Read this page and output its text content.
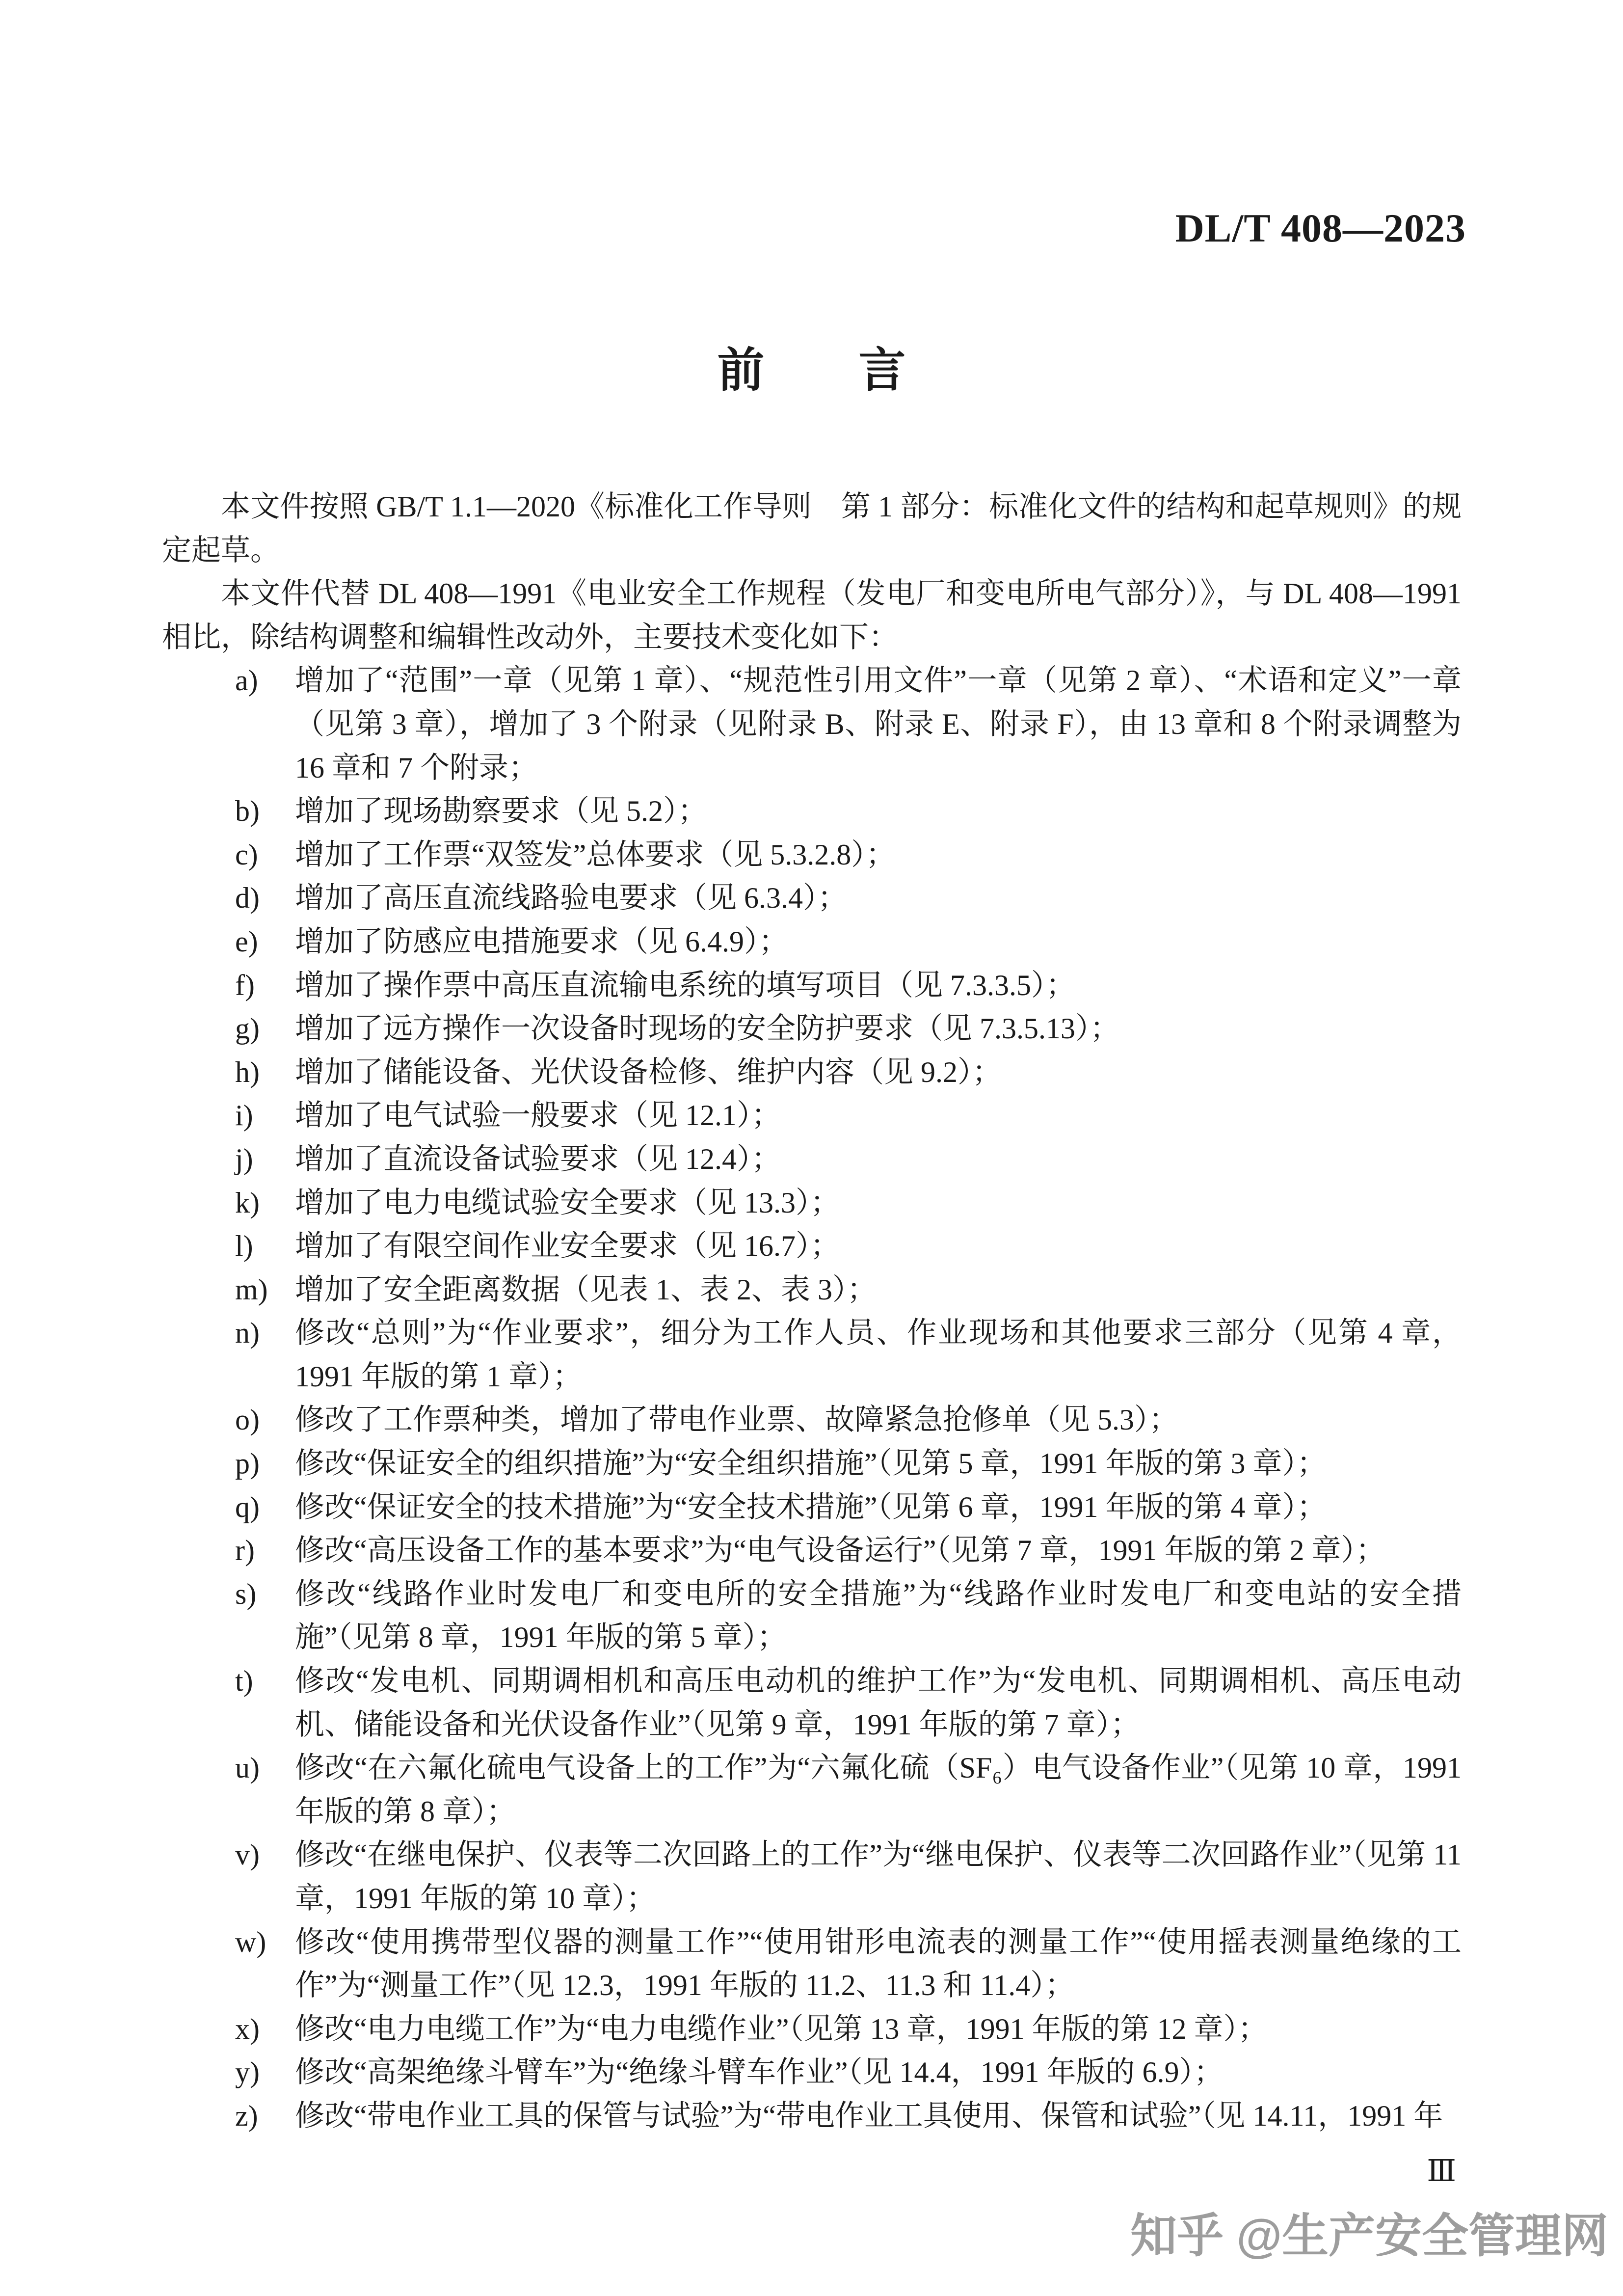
DL/T 408—2023
前　　言

本文件按照 GB/T 1.1—2020《标准化工作导则　第 1 部分：标准化文件的结构和起草规则》的规定起草。

本文件代替 DL 408—1991《电业安全工作规程（发电厂和变电所电气部分）》，与 DL 408—1991 相比，除结构调整和编辑性改动外，主要技术变化如下：

a)	增加了“范围”一章（见第 1 章）、“规范性引用文件”一章（见第 2 章）、“术语和定义”一章（见第 3 章），增加了 3 个附录（见附录 B、附录 E、附录 F），由 13 章和 8 个附录调整为 16 章和 7 个附录；
b)	增加了现场勘察要求（见 5.2）；
c)	增加了工作票“双签发”总体要求（见 5.3.2.8）；
d)	增加了高压直流线路验电要求（见 6.3.4）；
e)	增加了防感应电措施要求（见 6.4.9）；
f)	增加了操作票中高压直流输电系统的填写项目（见 7.3.3.5）；
g)	增加了远方操作一次设备时现场的安全防护要求（见 7.3.5.13）；
h)	增加了储能设备、光伏设备检修、维护内容（见 9.2）；
i)	增加了电气试验一般要求（见 12.1）；
j)	增加了直流设备试验要求（见 12.4）；
k)	增加了电力电缆试验安全要求（见 13.3）；
l)	增加了有限空间作业安全要求（见 16.7）；
m) 增加了安全距离数据（见表 1、表 2、表 3）；
n)	修改“总则”为“作业要求”，细分为工作人员、作业现场和其他要求三部分（见第 4 章，1991 年版的第 1 章）；
o)	修改了工作票种类，增加了带电作业票、故障紧急抢修单（见 5.3）；
p)	修改“保证安全的组织措施”为“安全组织措施”（见第 5 章，1991 年版的第 3 章）；
q)	修改“保证安全的技术措施”为“安全技术措施”（见第 6 章，1991 年版的第 4 章）；
r)	修改“高压设备工作的基本要求”为“电气设备运行”（见第 7 章，1991 年版的第 2 章）；
s)	修改“线路作业时发电厂和变电所的安全措施”为“线路作业时发电厂和变电站的安全措施”（见第 8 章，1991 年版的第 5 章）；
t)	修改“发电机、同期调相机和高压电动机的维护工作”为“发电机、同期调相机、高压电动机、储能设备和光伏设备作业”（见第 9 章，1991 年版的第 7 章）；
u)	修改“在六氟化硫电气设备上的工作”为“六氟化硫（SF₆）电气设备作业”（见第 10 章，1991 年版的第 8 章）；
v)	修改“在继电保护、仪表等二次回路上的工作”为“继电保护、仪表等二次回路作业”（见第 11 章，1991 年版的第 10 章）；
w) 修改“使用携带型仪器的测量工作”“使用钳形电流表的测量工作”“使用摇表测量绝缘的工作”为“测量工作”（见 12.3，1991 年版的 11.2、11.3 和 11.4）；
x)	修改“电力电缆工作”为“电力电缆作业”（见第 13 章，1991 年版的第 12 章）；
y)	修改“高架绝缘斗臂车”为“绝缘斗臂车作业”（见 14.4，1991 年版的 6.9）；
z)	修改“带电作业工具的保管与试验”为“带电作业工具使用、保管和试验”（见 14.11，1991 年
Ⅲ
知乎 @生产安全管理网
